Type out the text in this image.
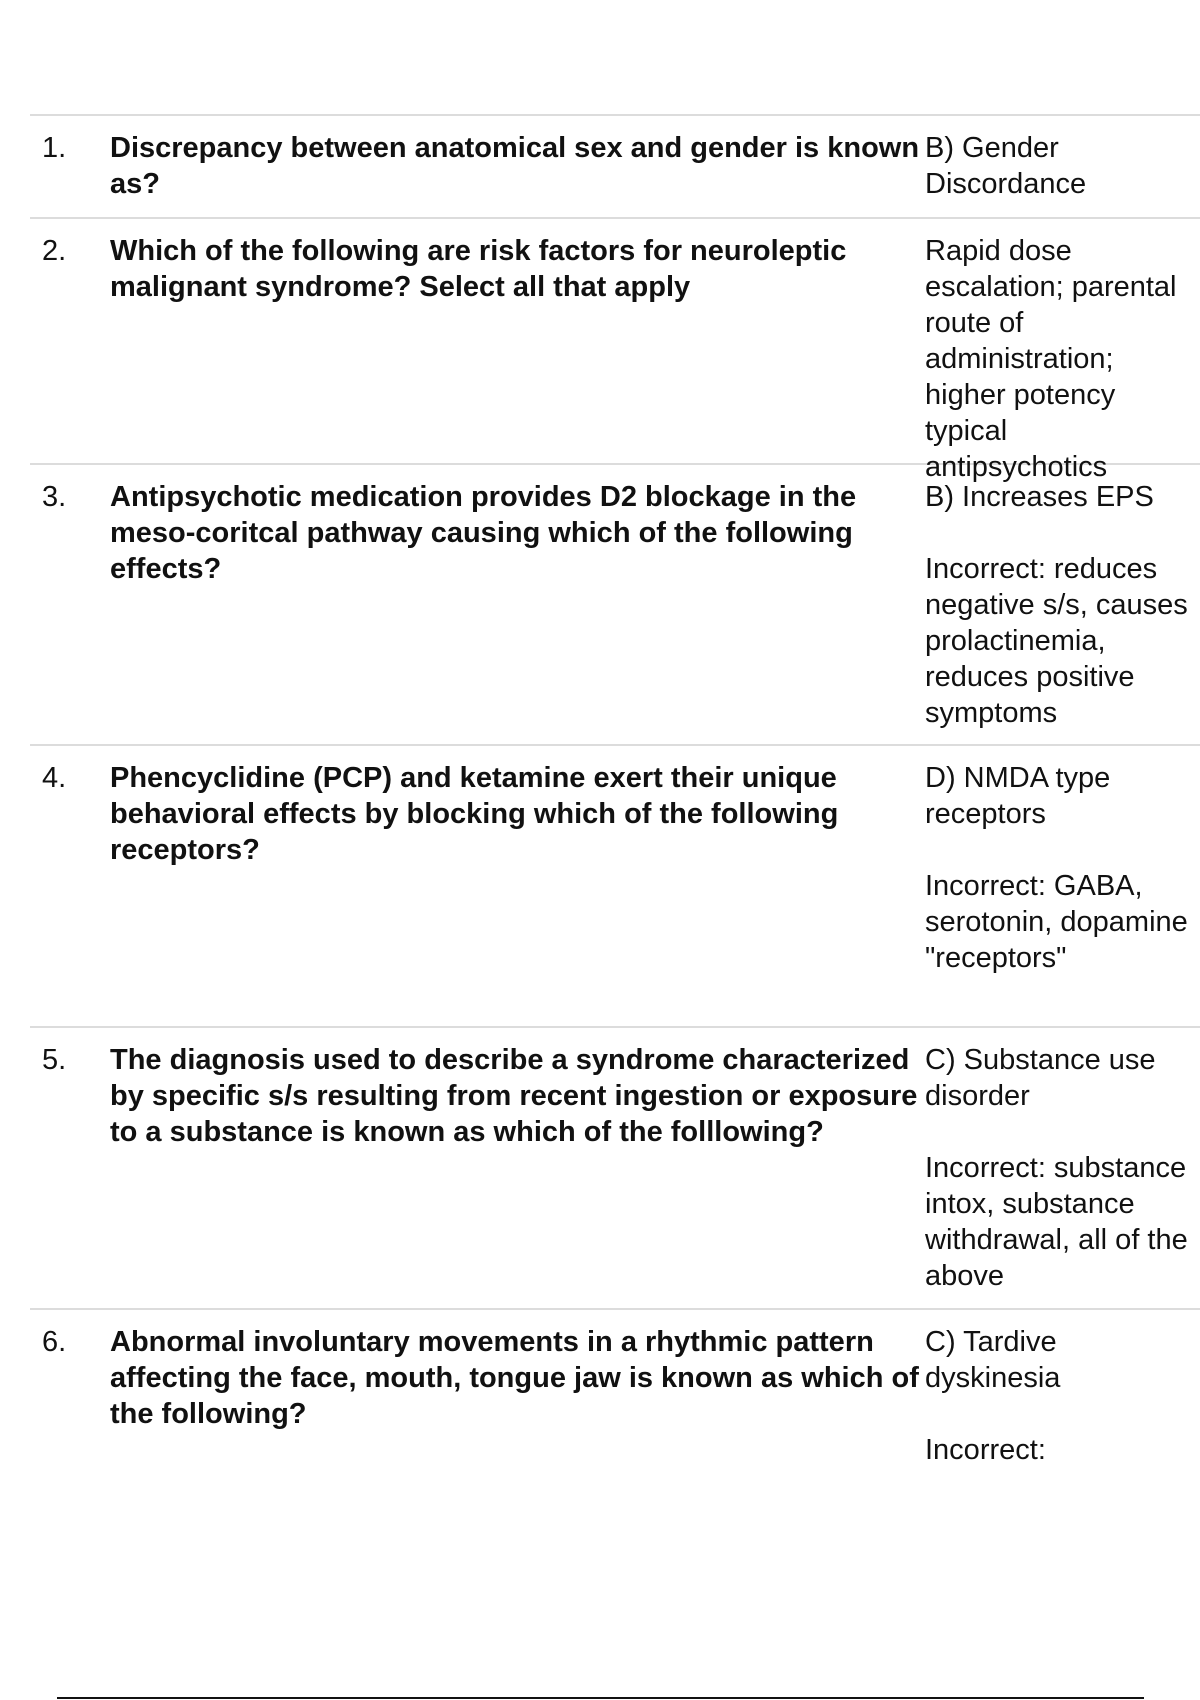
1. Discrepancy between anatomical sex and gender is known as?

B) Gender Discordance

2. Which of the following are risk factors for neuroleptic malignant syndrome? Select all that apply

Rapid dose escalation; parental route of administration; higher potency typical antipsychotics

3. Antipsychotic medication provides D2 blockage in the meso-coritcal pathway causing which of the following effects?

B) Increases EPS

Incorrect: reduces negative s/s, causes prolactinemia, reduces positive symptoms

4. Phencyclidine (PCP) and ketamine exert their unique behavioral effects by blocking which of the following receptors?

D) NMDA type receptors

Incorrect: GABA, serotonin, dopamine "receptors"

5. The diagnosis used to describe a syndrome characterized by specific s/s resulting from recent ingestion or exposure to a substance is known as which of the folllowing?

C) Substance use disorder

Incorrect: substance intox, substance withdrawal, all of the above

6. Abnormal involuntary movements in a rhythmic pattern affecting the face, mouth, tongue jaw is known as which of the following?

C) Tardive dyskinesia

Incorrect:
